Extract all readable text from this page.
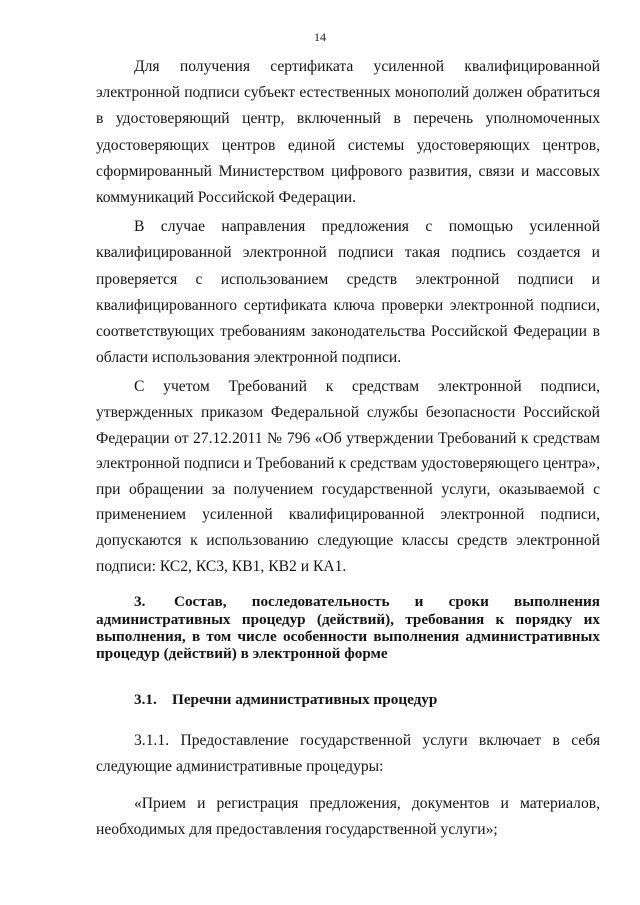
14

Для получения сертификата усиленной квалифицированной электронной подписи субъект естественных монополий должен обратиться в удостоверяющий центр, включенный в перечень уполномоченных удостоверяющих центров единой системы удостоверяющих центров, сформированный Министерством цифрового развития, связи и массовых коммуникаций Российской Федерации.

В случае направления предложения с помощью усиленной квалифицированной электронной подписи такая подпись создается и проверяется с использованием средств электронной подписи и квалифицированного сертификата ключа проверки электронной подписи, соответствующих требованиям законодательства Российской Федерации в области использования электронной подписи.

С учетом Требований к средствам электронной подписи, утвержденных приказом Федеральной службы безопасности Российской Федерации от 27.12.2011 № 796 «Об утверждении Требований к средствам электронной подписи и Требований к средствам удостоверяющего центра», при обращении за получением государственной услуги, оказываемой с применением усиленной квалифицированной электронной подписи, допускаются к использованию следующие классы средств электронной подписи: КС2, КС3, КВ1, КВ2 и КА1.

3. Состав, последовательность и сроки выполнения административных процедур (действий), требования к порядку их выполнения, в том числе особенности выполнения административных процедур (действий) в электронной форме
3.1. Перечни административных процедур

3.1.1. Предоставление государственной услуги включает в себя следующие административные процедуры:

«Прием и регистрация предложения, документов и материалов, необходимых для предоставления государственной услуги»;
